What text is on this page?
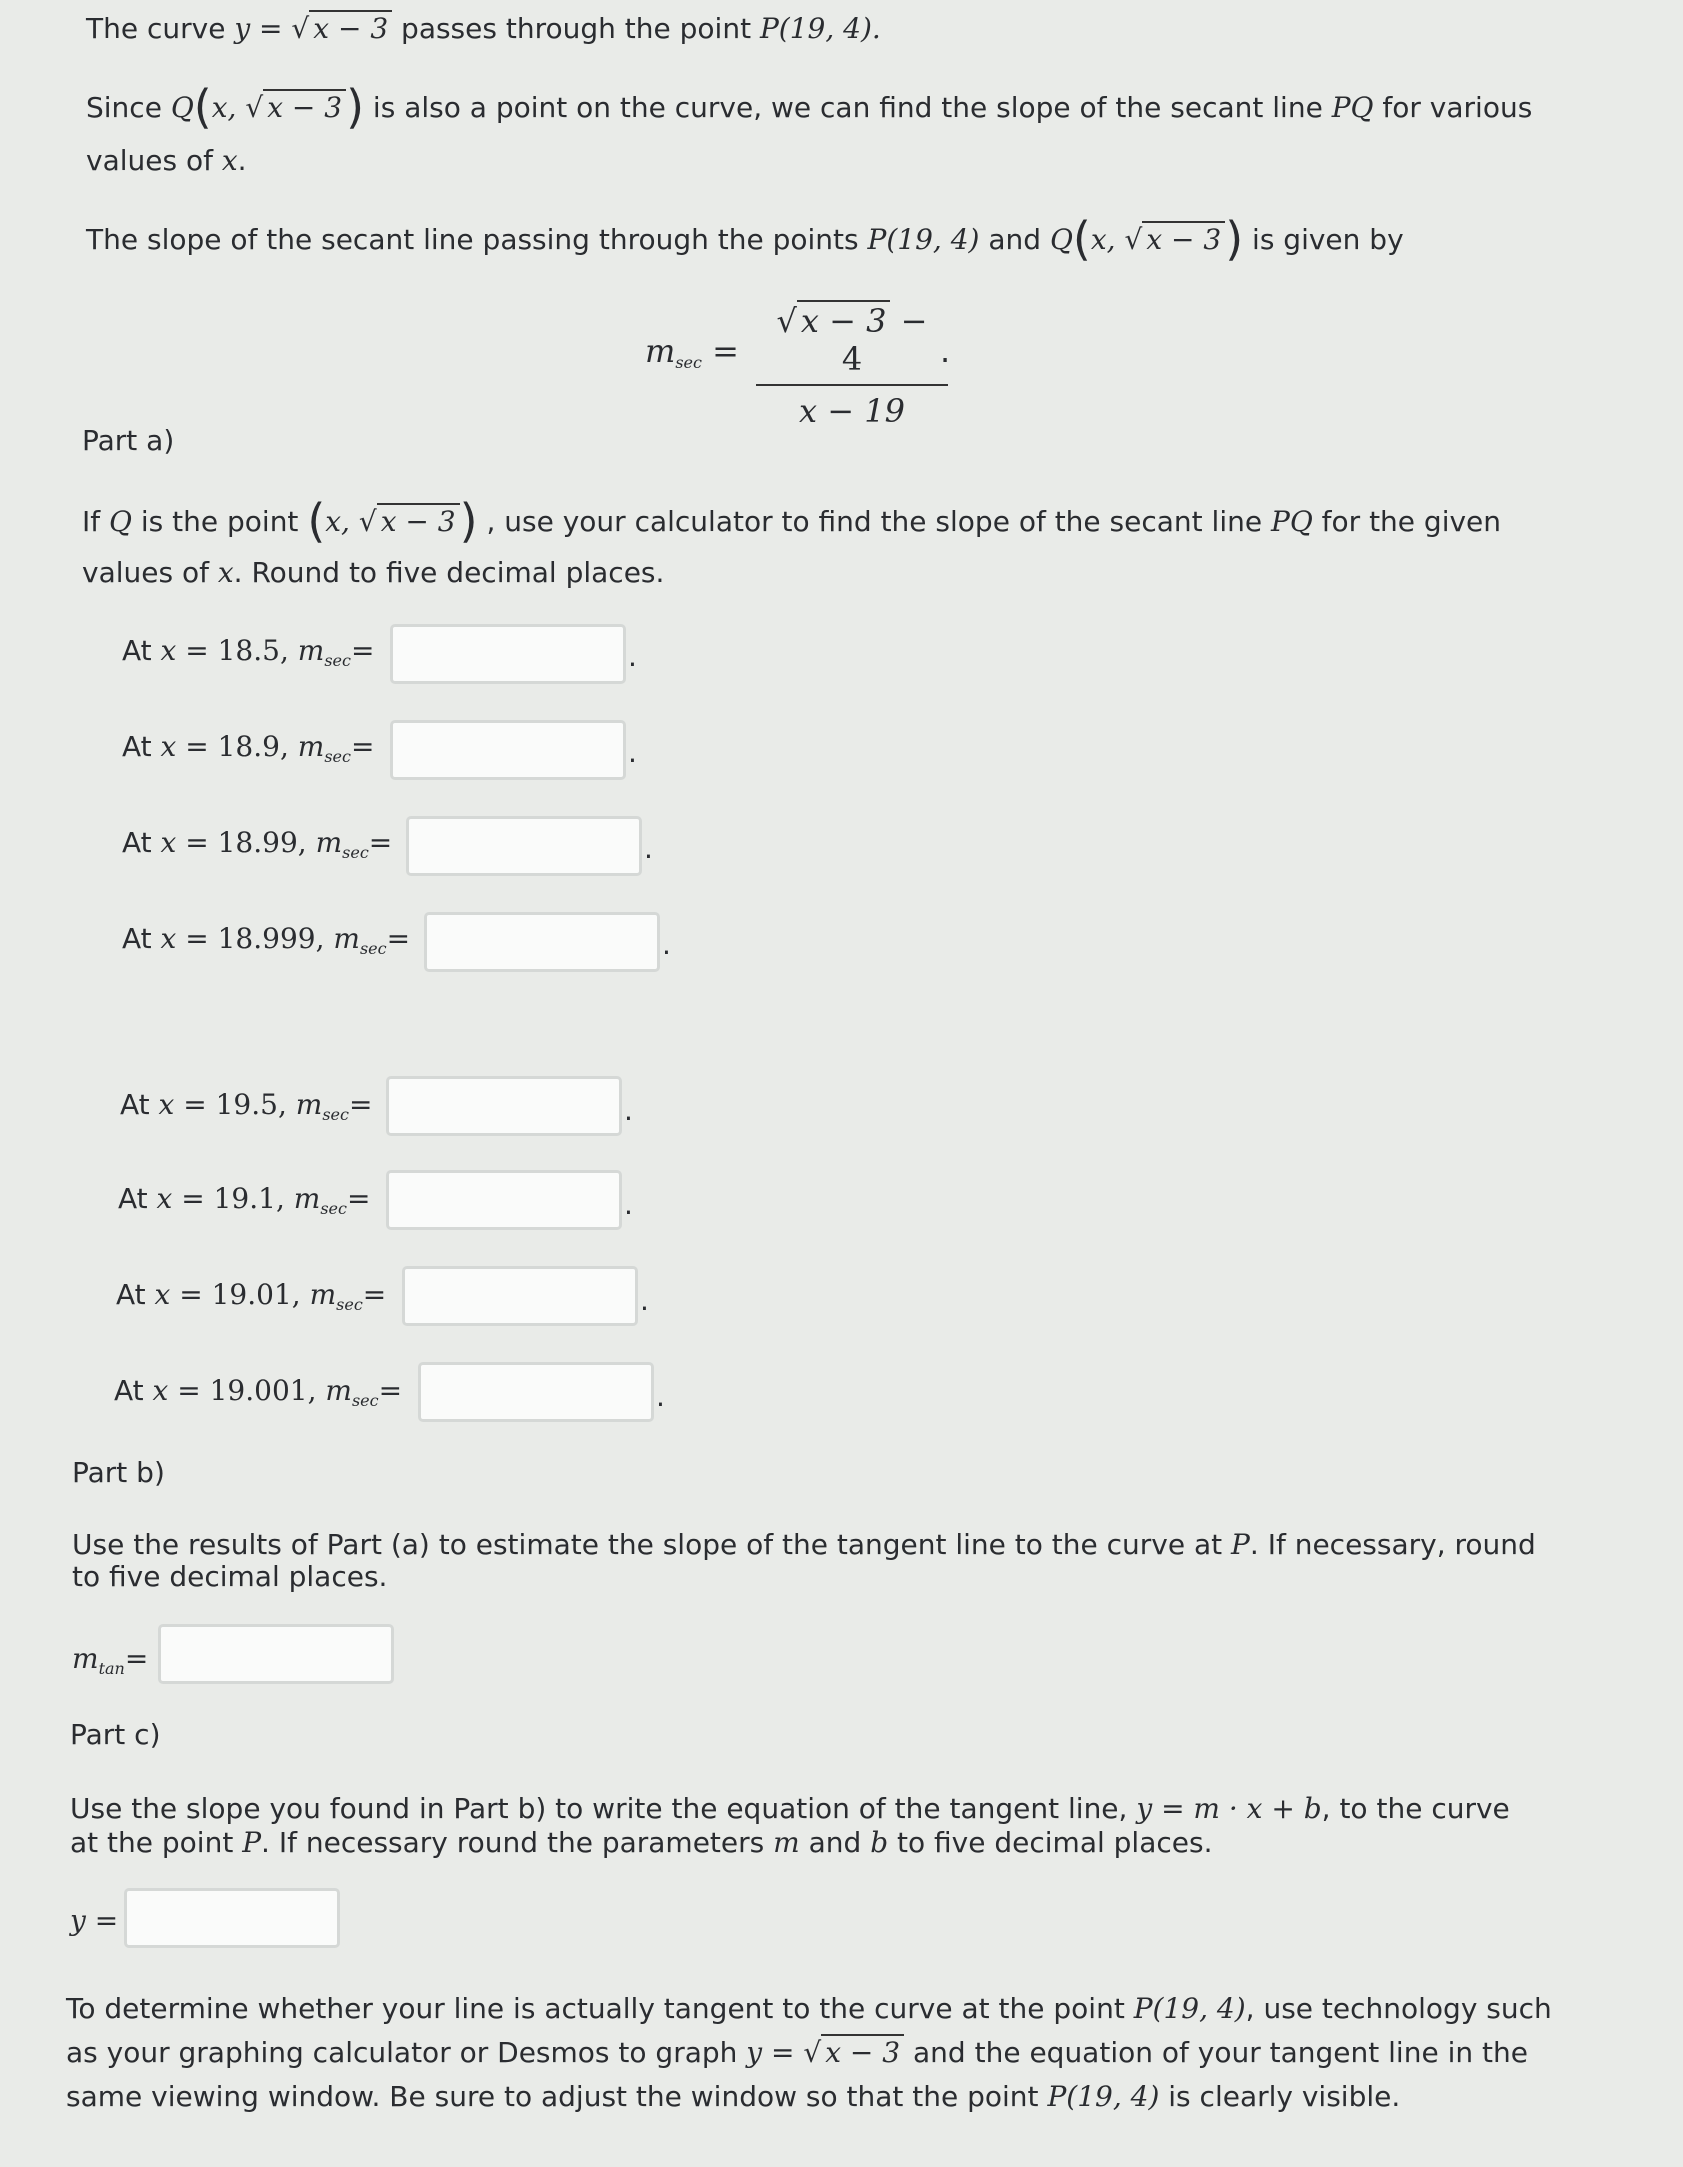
The curve y = √ x − 3 passes through the point P(19, 4).
Since Q(x, √ x − 3) is also a point on the curve, we can find the slope of the secant line PQ for various
values of x.
The slope of the secant line passing through the points P(19, 4) and Q(x, √ x − 3) is given by
$m_{sec}$ =
√ x − 3 − 4
x − 19
.
Part a)
If Q is the point (x, √ x − 3) , use your calculator to find the slope of the secant line PQ for the given
values of x. Round to five decimal places.
At x = 18.5, $m_{sec}=$	.
At x = 18.9, $m_{sec}=$	.
At x = 18.99, $m_{sec}=$	.
At x = 18.999, $m_{sec}=$	.
At x = 19.5, $m_{sec}=$	.
At x = 19.1, $m_{sec}=$	.
At x = 19.01, $m_{sec}=$	.
At x = 19.001, $m_{sec}=$	.
Part b)
Use the results of Part (a) to estimate the slope of the tangent line to the curve at P. If necessary, round
to five decimal places.
$m_{tan}=$
Part c)
Use the slope you found in Part b) to write the equation of the tangent line, y = m · x + b, to the curve
at the point P. If necessary round the parameters m and b to five decimal places.
y =
To determine whether your line is actually tangent to the curve at the point P(19, 4), use technology such
as your graphing calculator or Desmos to graph y = √ x − 3 and the equation of your tangent line in the
same viewing window. Be sure to adjust the window so that the point P(19, 4) is clearly visible.
